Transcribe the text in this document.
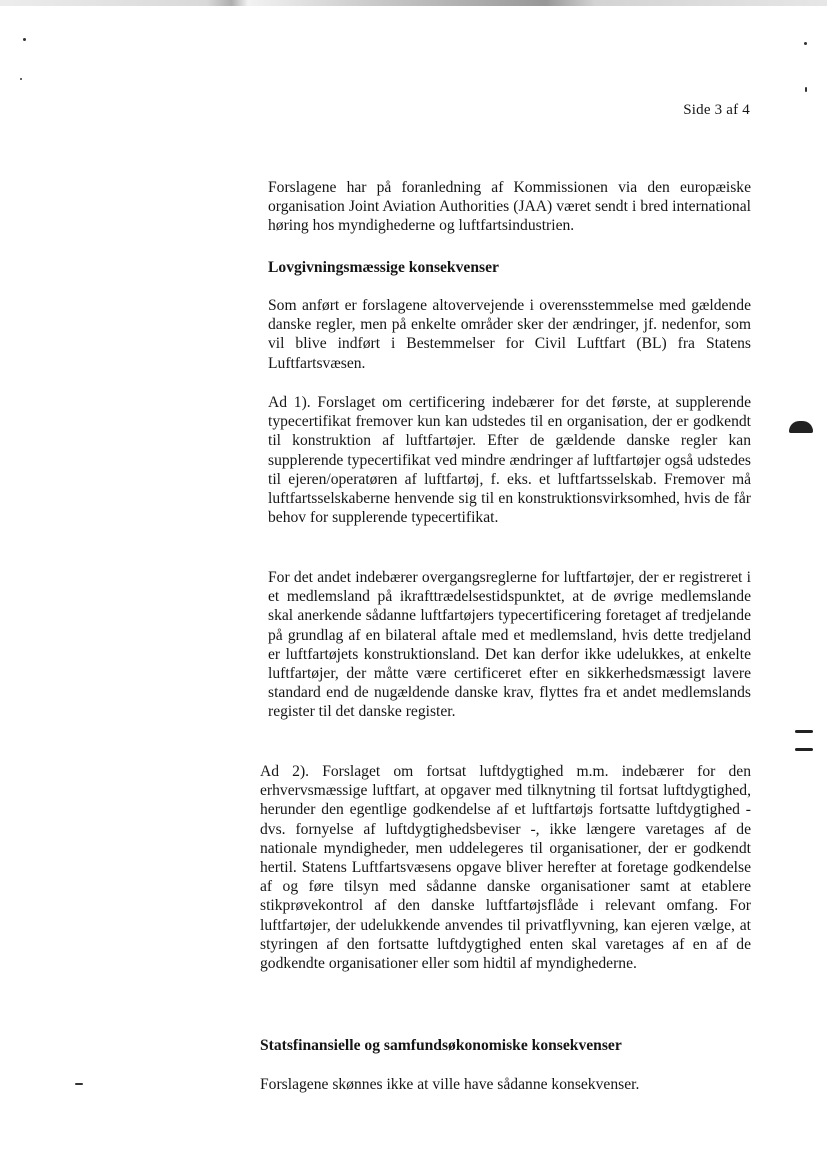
Side 3 af 4

Forslagene har på foranledning af Kommissionen via den europæiske organisation Joint Aviation Authorities (JAA) været sendt i bred international høring hos myndighederne og luftfartsindustrien.

Lovgivningsmæssige konsekvenser

Som anført er forslagene altovervejende i overensstemmelse med gældende danske regler, men på enkelte områder sker der ændringer, jf. nedenfor, som vil blive indført i Bestemmelser for Civil Luftfart (BL) fra Statens Luftfartsvæsen.

Ad 1). Forslaget om certificering indebærer for det første, at supplerende typecertifikat fremover kun kan udstedes til en organisation, der er godkendt til konstruktion af luftfartøjer. Efter de gældende danske regler kan supplerende typecertifikat ved mindre ændringer af luftfartøjer også udstedes til ejeren/operatøren af luftfartøj, f. eks. et luftfartsselskab. Fremover må luftfartsselskaberne henvende sig til en konstruktionsvirksomhed, hvis de får behov for supplerende typecertifikat.

For det andet indebærer overgangsreglerne for luftfartøjer, der er registreret i et medlemsland på ikrafttrædelsestidspunktet, at de øvrige medlemslande skal anerkende sådanne luftfartøjers typecertificering foretaget af tredjelande på grundlag af en bilateral aftale med et medlemsland, hvis dette tredjeland er luftfartøjets konstruktionsland. Det kan derfor ikke udelukkes, at enkelte luftfartøjer, der måtte være certificeret efter en sikkerhedsmæssigt lavere standard end de nugældende danske krav, flyttes fra et andet medlemslands register til det danske register.

Ad 2). Forslaget om fortsat luftdygtighed m.m. indebærer for den erhvervsmæssige luftfart, at opgaver med tilknytning til fortsat luftdygtighed, herunder den egentlige godkendelse af et luftfartøjs fortsatte luftdygtighed - dvs. fornyelse af luftdygtighedsbeviser -, ikke længere varetages af de nationale myndigheder, men uddelegeres til organisationer, der er godkendt hertil. Statens Luftfartsvæsens opgave bliver herefter at foretage godkendelse af og føre tilsyn med sådanne danske organisationer samt at etablere stikprøvekontrol af den danske luftfartøjsflåde i relevant omfang. For luftfartøjer, der udelukkende anvendes til privatflyvning, kan ejeren vælge, at styringen af den fortsatte luftdygtighed enten skal varetages af en af de godkendte organisationer eller som hidtil af myndighederne.

Statsfinansielle og samfundsøkonomiske konsekvenser

Forslagene skønnes ikke at ville have sådanne konsekvenser.
